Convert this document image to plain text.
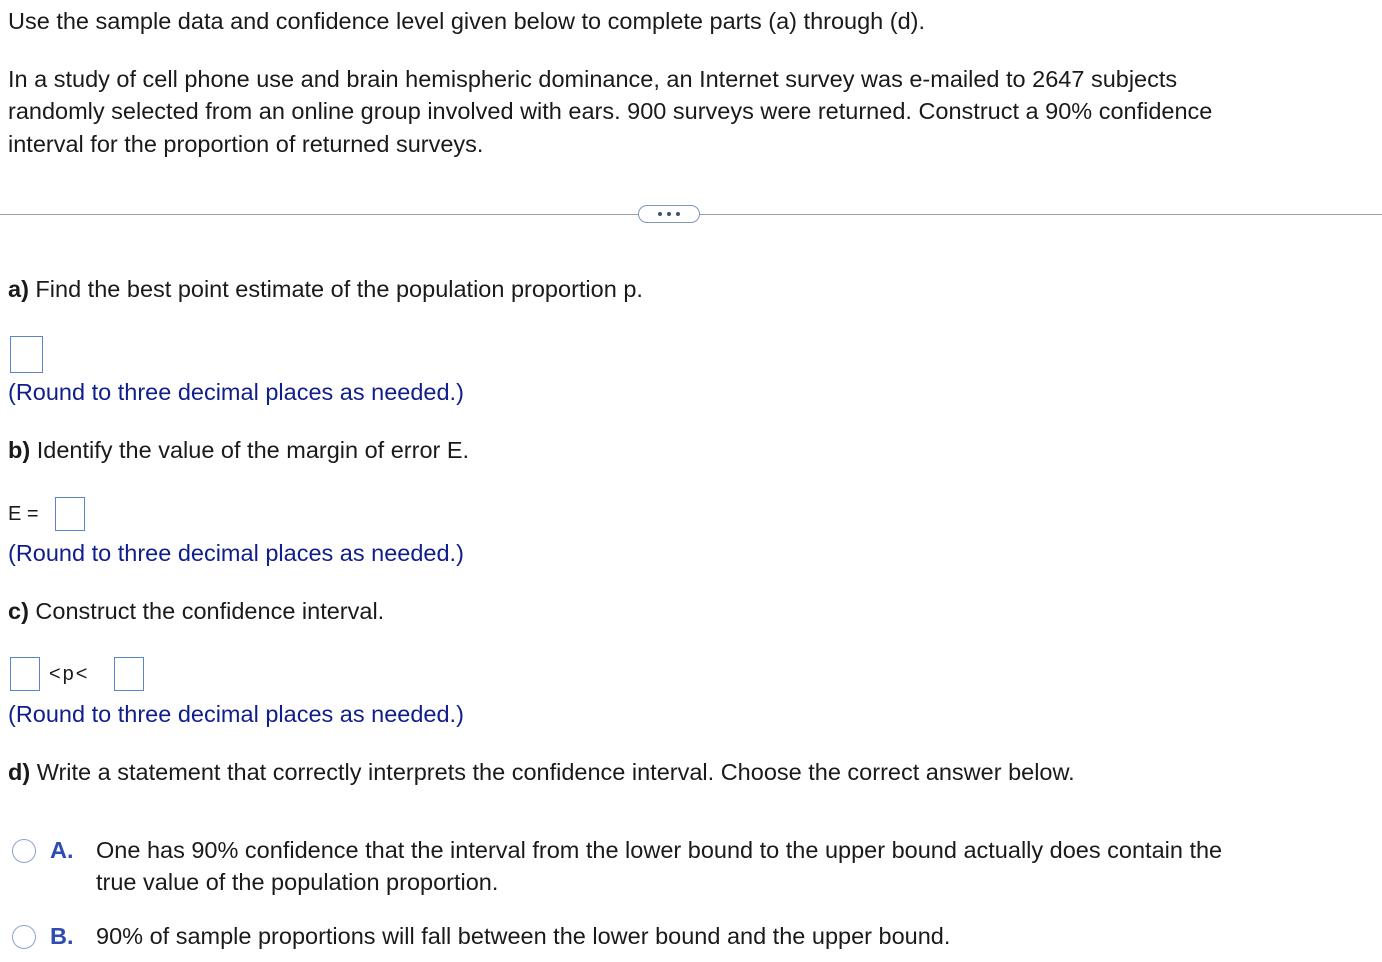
Use the sample data and confidence level given below to complete parts (a) through (d).
In a study of cell phone use and brain hemispheric dominance, an Internet survey was e-mailed to 2647 subjects
randomly selected from an online group involved with ears. 900 surveys were returned. Construct a 90% confidence
interval for the proportion of returned surveys.
a) Find the best point estimate of the population proportion p.
(Round to three decimal places as needed.)
b) Identify the value of the margin of error E.
E =
(Round to three decimal places as needed.)
c) Construct the confidence interval.
<p<
(Round to three decimal places as needed.)
d) Write a statement that correctly interprets the confidence interval. Choose the correct answer below.
A. One has 90% confidence that the interval from the lower bound to the upper bound actually does contain the
true value of the population proportion.
B. 90% of sample proportions will fall between the lower bound and the upper bound.
